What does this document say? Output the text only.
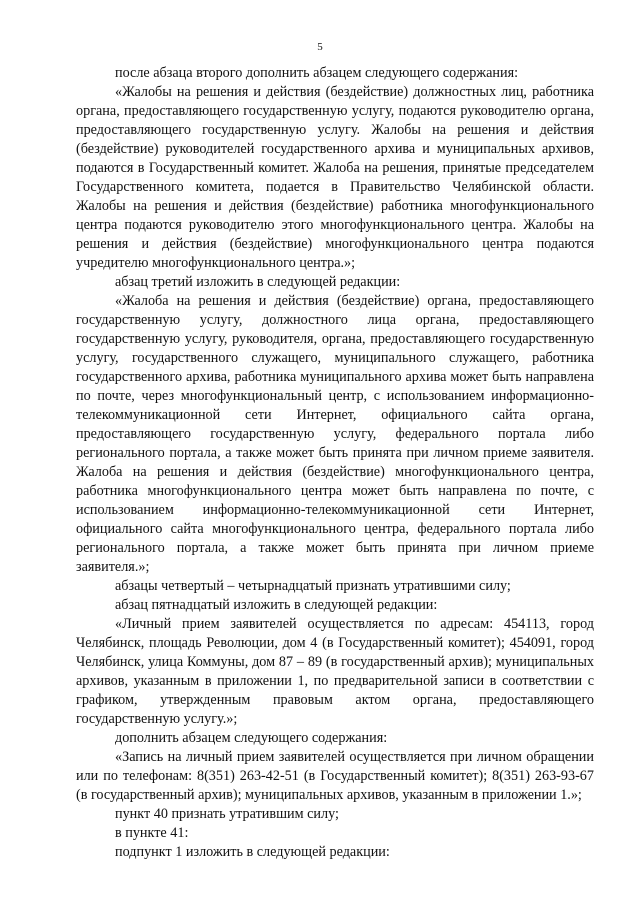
5

после абзаца второго дополнить абзацем следующего содержания:

«Жалобы на решения и действия (бездействие) должностных лиц, работника органа, предоставляющего государственную услугу, подаются руководителю органа, предоставляющего государственную услугу. Жалобы на решения и действия (бездействие) руководителей государственного архива и муниципальных архивов, подаются в Государственный комитет. Жалоба на решения, принятые председателем Государственного комитета, подается в Правительство Челябинской области. Жалобы на решения и действия (бездействие) работника многофункционального центра подаются руководителю этого многофункционального центра. Жалобы на решения и действия (бездействие) многофункционального центра подаются учредителю многофункционального центра.»;

абзац третий изложить в следующей редакции:

«Жалоба на решения и действия (бездействие) органа, предоставляющего государственную услугу, должностного лица органа, предоставляющего государственную услугу, руководителя, органа, предоставляющего государственную услугу, государственного служащего, муниципального служащего, работника государственного архива, работника муниципального архива может быть направлена по почте, через многофункциональный центр, с использованием информационно-телекоммуникационной сети Интернет, официального сайта органа, предоставляющего государственную услугу, федерального портала либо регионального портала, а также может быть принята при личном приеме заявителя. Жалоба на решения и действия (бездействие) многофункционального центра, работника многофункционального центра может быть направлена по почте, с использованием информационно-телекоммуникационной сети Интернет, официального сайта многофункционального центра, федерального портала либо регионального портала, а также может быть принята при личном приеме заявителя.»;

абзацы четвертый – четырнадцатый признать утратившими силу;

абзац пятнадцатый изложить в следующей редакции:

«Личный прием заявителей осуществляется по адресам: 454113, город Челябинск, площадь Революции, дом 4 (в Государственный комитет); 454091, город Челябинск, улица Коммуны, дом 87 – 89 (в государственный архив); муниципальных архивов, указанным в приложении 1, по предварительной записи в соответствии с графиком, утвержденным правовым актом органа, предоставляющего государственную услугу.»;

дополнить абзацем следующего содержания:

«Запись на личный прием заявителей осуществляется при личном обращении или по телефонам: 8(351) 263-42-51 (в Государственный комитет); 8(351) 263-93-67 (в государственный архив); муниципальных архивов, указанным в приложении 1.»;

пункт 40 признать утратившим силу;

в пункте 41:

подпункт 1 изложить в следующей редакции:
